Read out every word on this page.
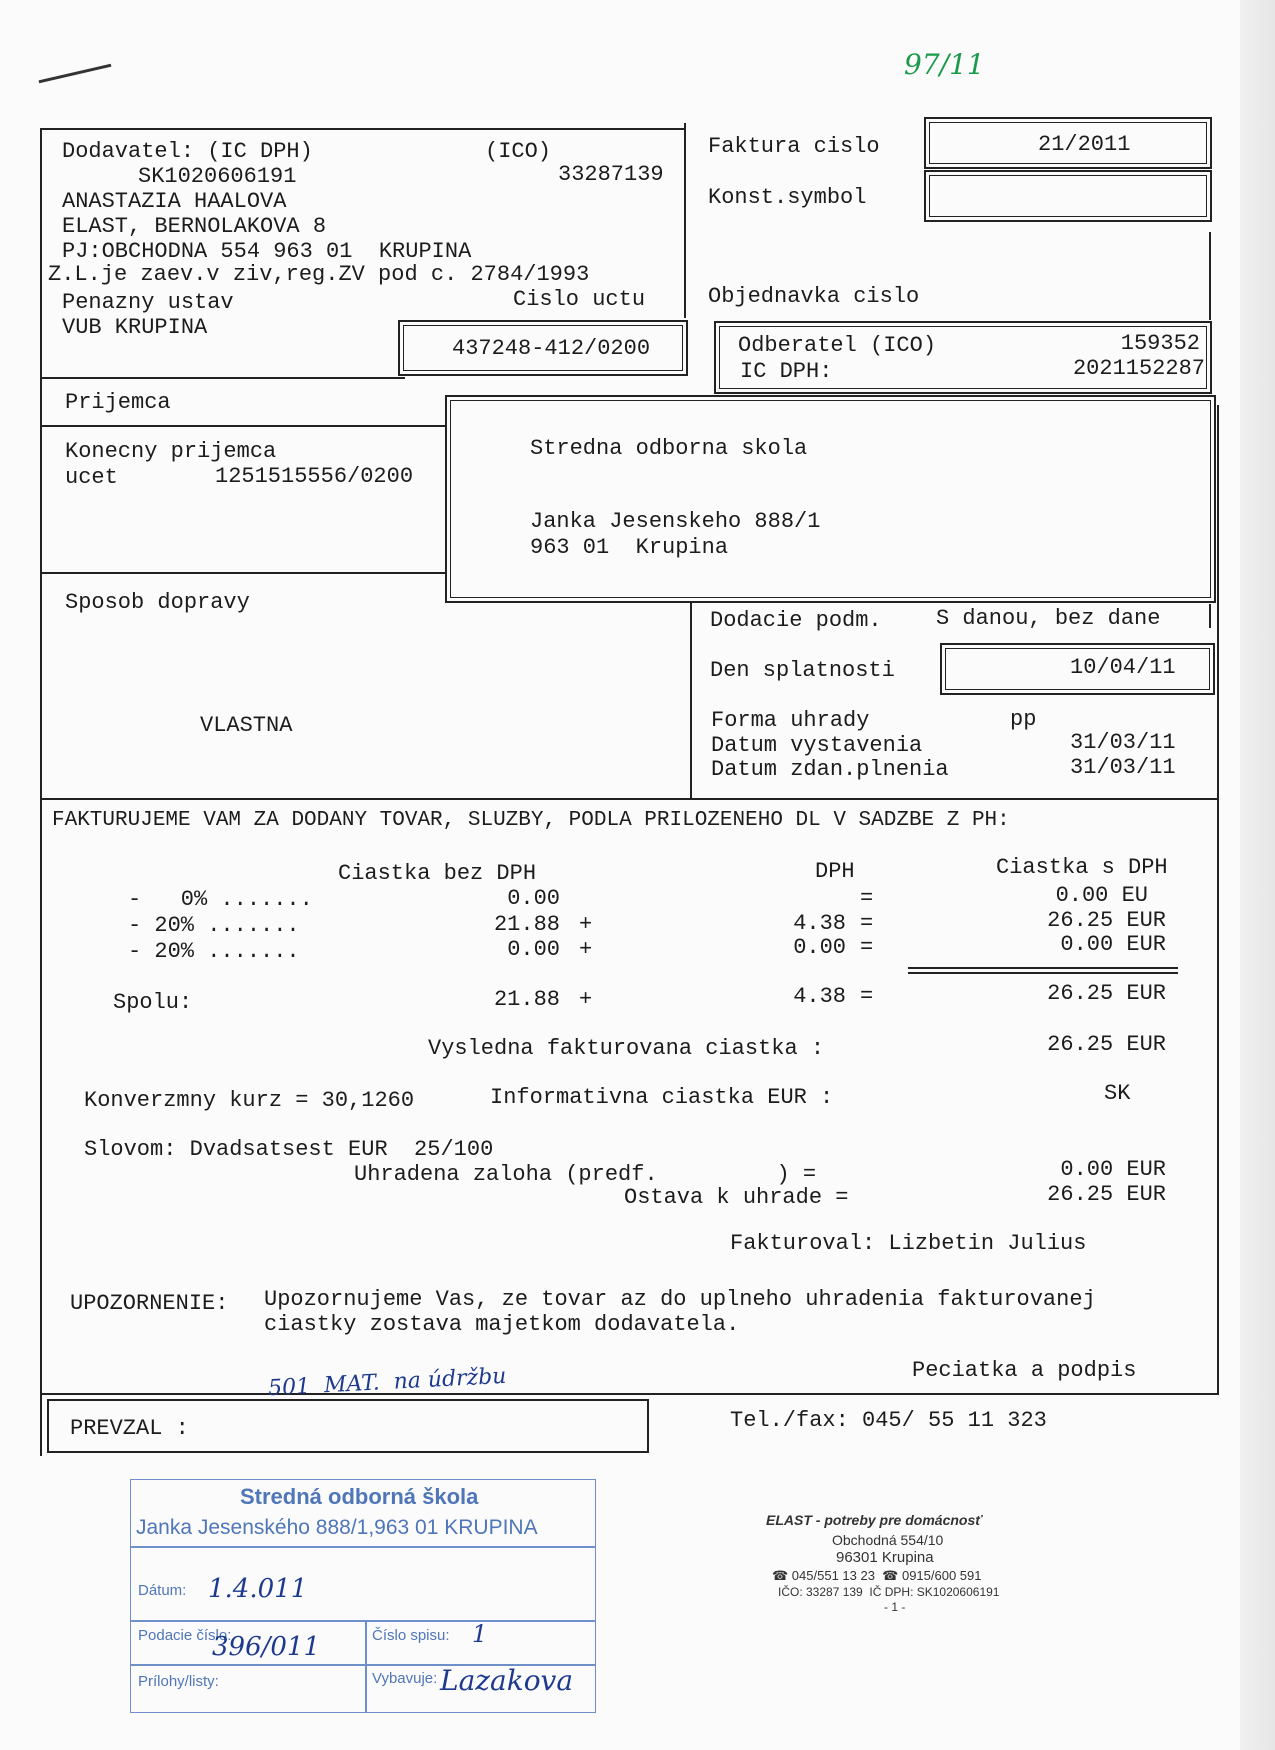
97/11
Dodavatel: (IC DPH)	(ICO)
SK1020606191	33287139
ANASTAZIA HAALOVA
ELAST, BERNOLAKOVA 8
PJ:OBCHODNA 554 963 01  KRUPINA
Z.L.je zaev.v ziv,reg.ZV pod c. 2784/1993
Penazny ustav	Cislo uctu
VUB KRUPINA
437248-412/0200
Faktura cislo	21/2011
Konst.symbol
Objednavka cislo
Odberatel (ICO)	159352
IC DPH:	2021152287
Stredna odborna skola
Janka Jesenskeho 888/1
963 01  Krupina
Prijemca
Konecny prijemca
ucet	1251515556/0200
Sposob dopravy
VLASTNA
Dodacie podm. S danou, bez dane
Den splatnosti	10/04/11
Forma uhrady	pp
Datum vystavenia	31/03/11
Datum zdan.plnenia	31/03/11
FAKTURUJEME VAM ZA DODANY TOVAR, SLUZBY, PODLA PRILOZENEHO DL V SADZBE Z PH:
Ciastka bez DPH	DPH	Ciastka s DPH
-   0% .......	0.00	=	0.00 EU
- 20% .......	21.88 +	4.38 =	26.25 EUR
- 20% .......	0.00 +	0.00 =	0.00 EUR
Spolu:	21.88 +	4.38 =	26.25 EUR
Vysledna fakturovana ciastka :	26.25 EUR
Konverzmny kurz = 30,1260	Informativna ciastka EUR :	SK
Slovom: Dvadsatsest EUR  25/100
Uhradena zaloha (predf.         ) =	0.00 EUR
Ostava k uhrade =	26.25 EUR
Fakturoval: Lizbetin Julius
UPOZORNENIE: Upozornujeme Vas, ze tovar az do uplneho uhradenia fakturovanej
ciastky zostava majetkom dodavatela.
Peciatka a podpis
501  MAT.  na údržbu
PREVZAL :	Tel./fax: 045/ 55 11 323
Stredná odborná škola
Janka Jesenského 888/1,963 01 KRUPINA
Dátum: 1.4.011
Podacie číslo:
396/011	Číslo spisu: 1
Prílohy/listy:	Vybavuje: Lazakova
ELAST - potreby pre domácnosť
Obchodná 554/10
96301 Krupina
☎ 045/551 13 23  ☎ 0915/600 591
IČO: 33287 139  IČ DPH: SK1020606191
- 1 -
